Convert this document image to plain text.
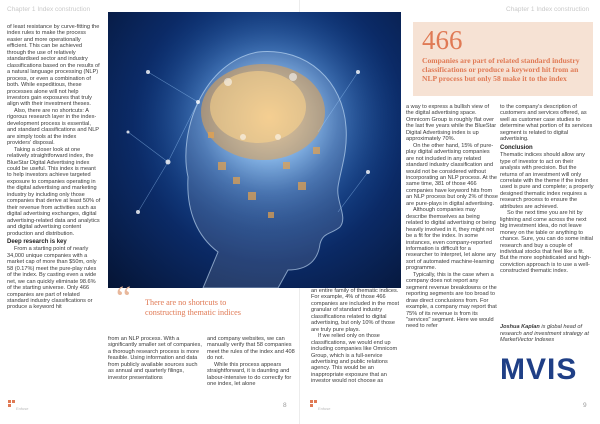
Chapter 1 Index construction	Chapter 1 Index construction

of least resistance by curve-fitting the index rules to make the process easier and more operationally efficient. This can be achieved through the use of relatively standardised sector and industry classifications based on the results of a natural language processing (NLP) process, or even a combination of both. While expeditious, these processes alone will not help investors gain exposures that truly align with their investment theses.

Also, there are no shortcuts: A rigorous research layer in the index-development process is essential, and standard classifications and NLP are simply tools at the index providers' disposal.

Taking a closer look at one relatively straightforward index, the BlueStar Digital Advertising index could be useful. This index is meant to help investors achieve targeted exposure to companies operating in the digital advertising and marketing industry by including only those companies that derive at least 50% of their revenue from activities such as digital advertising exchanges, digital advertising-related data and analytics and digital advertising content production and distribution.

Deep research is key

From a starting point of nearly 34,000 unique companies with a market cap of more than $50m, only 58 (0.17%) meet the pure-play rules of the index. By casting even a wide net, we can quickly eliminate 98.6% of the starting universe. Only 466 companies are part of related standard industry classifications or produce a keyword hit	“ There are no shortcuts to constructing thematic indices

from an NLP process. With a significantly smaller set of companies, a thorough research process is more feasible. Using information and data from publicly available sources such as annual and quarterly filings, investor presentations

and company websites, we can manually verify that 58 companies meet the rules of the index and 408 do not.

While this process appears straightforward, it is daunting and labour-intensive to do correctly for one index, let alone

an entire family of thematic indices. For example, 4% of those 466 companies are included in the most granular of standard industry classifications related to digital advertising, but only 10% of those are truly pure plays.

If we relied only on those classifications, we would end up including companies like Omnicom Group, which is a full-service advertising and public relations agency. This would be an inappropriate exposure that an investor would not choose as

466
Companies are part of related standard industry classifications or produce a keyword hit from an NLP process but only 58 make it to the index

a way to express a bullish view of the digital advertising space. Omnicom Group is roughly flat over the last five years while the BlueStar Digital Advertising index is up approximately 70%.

On the other hand, 15% of pure-play digital advertising companies are not included in any related standard industry classification and would not be considered without incorporating an NLP process. At the same time, 381 of those 466 companies have keyword hits from an NLP process but only 2% of those are pure-plays in digital advertising.

Although companies may describe themselves as being related to digital advertising or being heavily involved in it, they might not be a fit for the index. In some instances, even company-reported information is difficult for a researcher to interpret, let alone any sort of automated machine-learning programme.

Typically, this is the case when a company does not report any segment revenue breakdowns or the reporting segments are too broad to draw direct conclusions from. For example, a company may report that 75% of its revenue is from its "services" segment. Here we would need to refer

to the company's description of customers and services offered, as well as customer case studies to determine what portion of its services segment is related to digital advertising.

Conclusion

Thematic indices should allow any type of investor to act on their analysis with precision. But the returns of an investment will only correlate with the theme if the index used is pure and complete; a properly designed thematic index requires a research process to ensure the attributes are achieved.

So the next time you are hit by lightning and come across the next big investment idea, do not leave money on the table or anything to chance. Sure, you can do some initial research and buy a couple of individual stocks that feel like a fit. But the more sophisticated and high-conviction approach is to use a well-constructed thematic index.

Joshua Kaplan is global head of research and investment strategy at MarketVector Indexes
MVIS
Enfuse	8	Enfuse	9
